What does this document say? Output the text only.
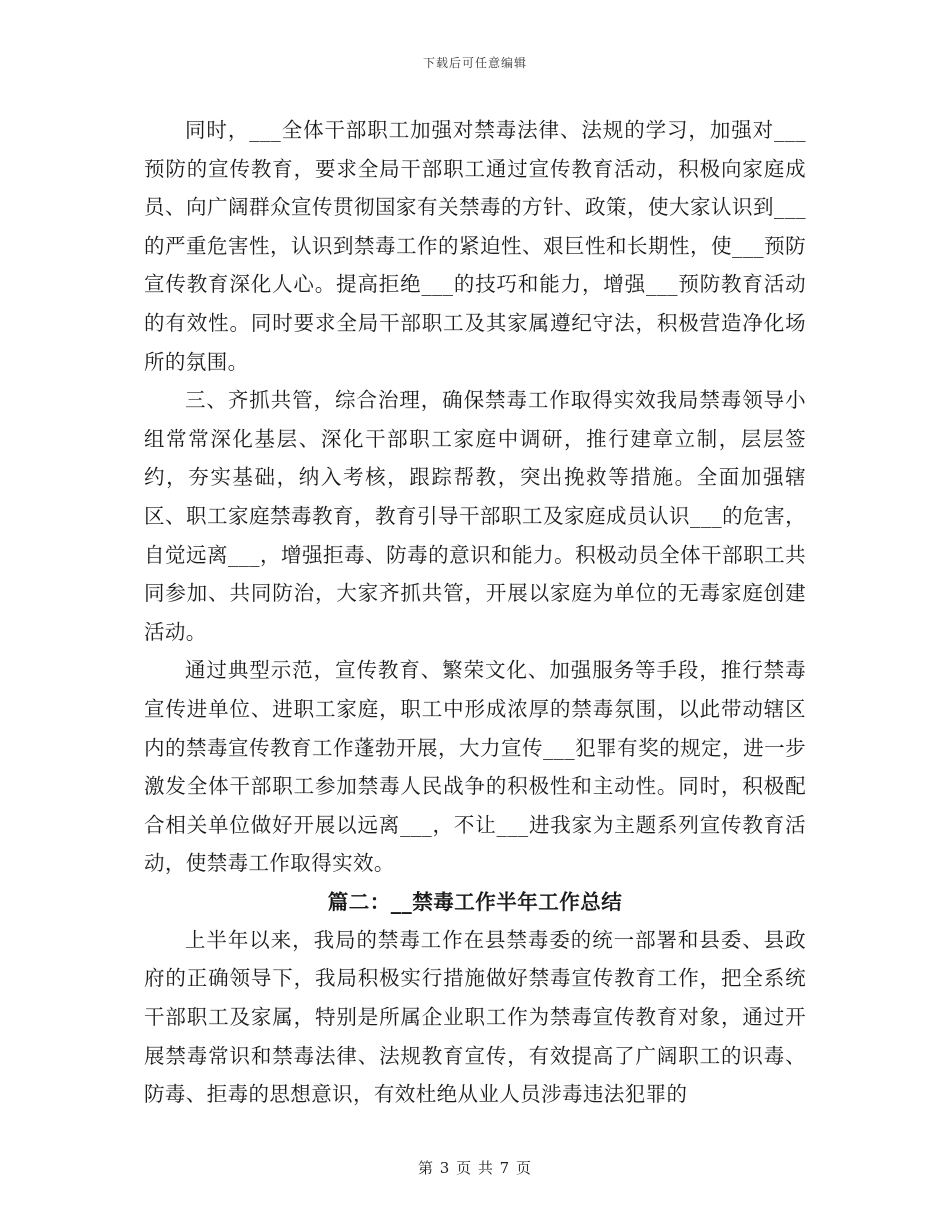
下载后可任意编辑

同时，___全体干部职工加强对禁毒法律、法规的学习，加强对___预防的宣传教育，要求全局干部职工通过宣传教育活动，积极向家庭成员、向广阔群众宣传贯彻国家有关禁毒的方针、政策，使大家认识到___的严重危害性，认识到禁毒工作的紧迫性、艰巨性和长期性，使___预防宣传教育深化人心。提高拒绝___的技巧和能力，增强___预防教育活动的有效性。同时要求全局干部职工及其家属遵纪守法，积极营造净化场所的氛围。

三、齐抓共管，综合治理，确保禁毒工作取得实效我局禁毒领导小组常常深化基层、深化干部职工家庭中调研，推行建章立制，层层签约，夯实基础，纳入考核，跟踪帮教，突出挽救等措施。全面加强辖区、职工家庭禁毒教育，教育引导干部职工及家庭成员认识___的危害，自觉远离___，增强拒毒、防毒的意识和能力。积极动员全体干部职工共同参加、共同防治，大家齐抓共管，开展以家庭为单位的无毒家庭创建活动。

通过典型示范，宣传教育、繁荣文化、加强服务等手段，推行禁毒宣传进单位、进职工家庭，职工中形成浓厚的禁毒氛围，以此带动辖区内的禁毒宣传教育工作蓬勃开展，大力宣传___犯罪有奖的规定，进一步激发全体干部职工参加禁毒人民战争的积极性和主动性。同时，积极配合相关单位做好开展以远离___，不让___进我家为主题系列宣传教育活动，使禁毒工作取得实效。

篇二：__禁毒工作半年工作总结

上半年以来，我局的禁毒工作在县禁毒委的统一部署和县委、县政府的正确领导下，我局积极实行措施做好禁毒宣传教育工作，把全系统干部职工及家属，特别是所属企业职工作为禁毒宣传教育对象，通过开展禁毒常识和禁毒法律、法规教育宣传，有效提高了广阔职工的识毒、防毒、拒毒的思想意识，有效杜绝从业人员涉毒违法犯罪的

第 3 页 共 7 页
